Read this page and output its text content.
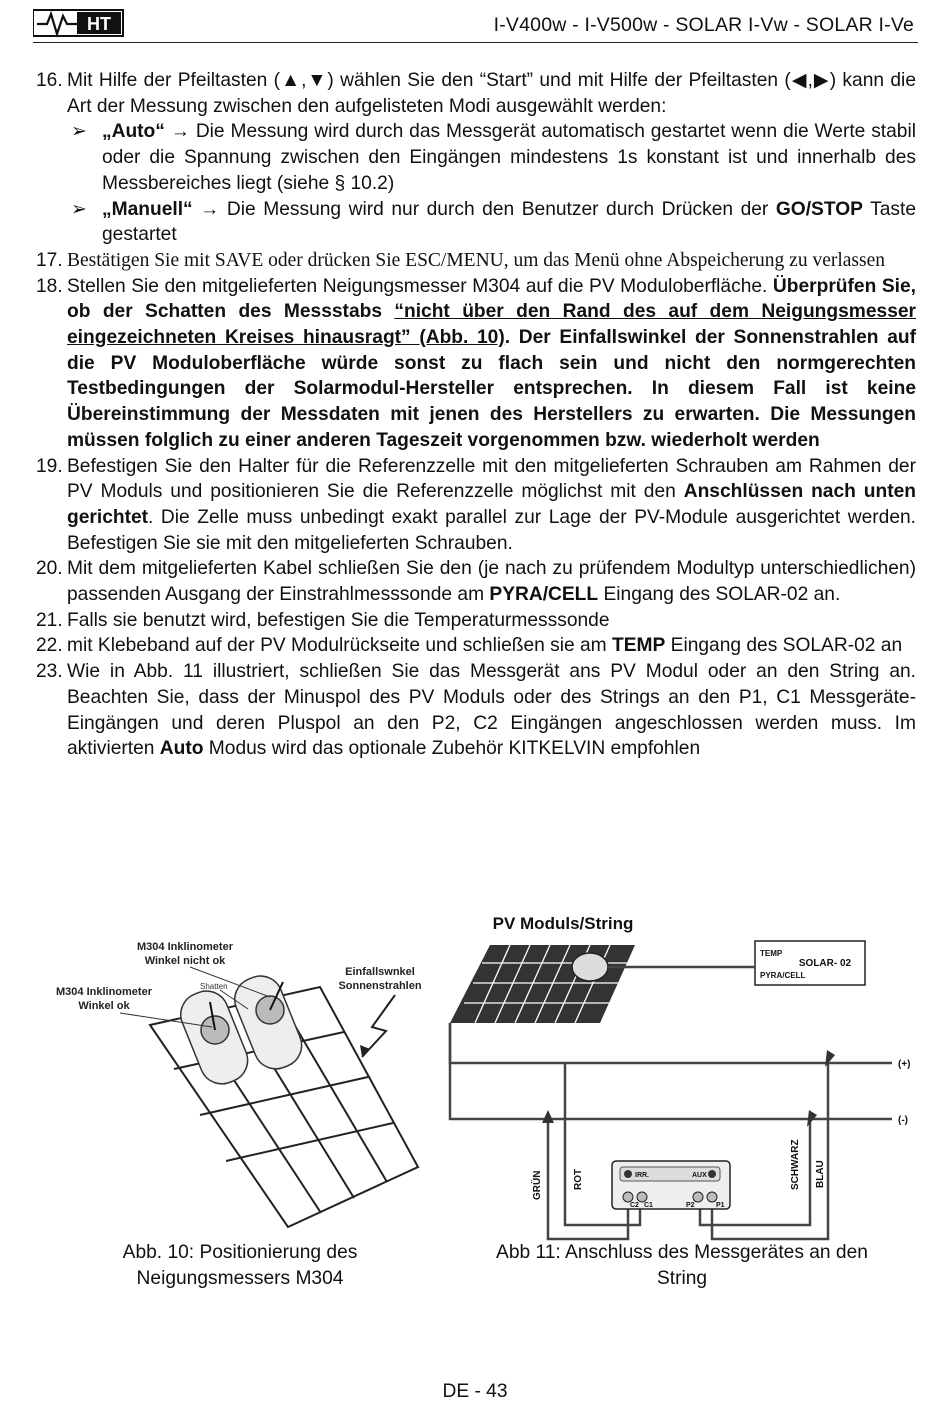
HT	I-V400w - I-V500w - SOLAR I-Vw - SOLAR I-Ve
16. Mit Hilfe der Pfeiltasten (▲,▼) wählen Sie den “Start” und mit Hilfe der Pfeiltasten (◀,▶) kann die Art der Messung zwischen den aufgelisteten Modi ausgewählt werden:
➢ „Auto“ → Die Messung wird durch das Messgerät automatisch gestartet wenn die Werte stabil oder die Spannung zwischen den Eingängen mindestens 1s konstant ist und innerhalb des Messbereiches liegt (siehe § 10.2)
➢ „Manuell“ → Die Messung wird nur durch den Benutzer durch Drücken der GO/STOP Taste gestartet
17. Bestätigen Sie mit SAVE oder drücken Sie ESC/MENU, um das Menü ohne Abspeicherung zu verlassen
18. Stellen Sie den mitgelieferten Neigungsmesser M304 auf die PV Moduloberfläche. Überprüfen Sie, ob der Schatten des Messstabs “nicht über den Rand des auf dem Neigungsmesser eingezeichneten Kreises hinausragt” (Abb. 10). Der Einfallswinkel der Sonnenstrahlen auf die PV Moduloberfläche würde sonst zu flach sein und nicht den normgerechten Testbedingungen der Solarmodul-Hersteller entsprechen. In diesem Fall ist keine Übereinstimmung der Messdaten mit jenen des Herstellers zu erwarten. Die Messungen müssen folglich zu einer anderen Tageszeit vorgenommen bzw. wiederholt werden
19. Befestigen Sie den Halter für die Referenzzelle mit den mitgelieferten Schrauben am Rahmen der PV Moduls und positionieren Sie die Referenzzelle möglichst mit den Anschlüssen nach unten gerichtet. Die Zelle muss unbedingt exakt parallel zur Lage der PV-Module ausgerichtet werden. Befestigen Sie sie mit den mitgelieferten Schrauben.
20. Mit dem mitgelieferten Kabel schließen Sie den (je nach zu prüfendem Modultyp unterschiedlichen) passenden Ausgang der Einstrahlmesssonde am PYRA/CELL Eingang des SOLAR-02 an.
21. Falls sie benutzt wird, befestigen Sie die Temperaturmesssonde
22. mit Klebeband auf der PV Modulrückseite und schließen sie am TEMP Eingang des SOLAR-02 an
23. Wie in Abb. 11 illustriert, schließen Sie das Messgerät ans PV Modul oder an den String an. Beachten Sie, dass der Minuspol des PV Moduls oder des Strings an den P1, C1 Messgeräte-Eingängen und deren Pluspol an den P2, C2 Eingängen angeschlossen werden muss. Im aktivierten Auto Modus wird das optionale Zubehör KITKELVIN empfohlen
M304 Inklinometer
Winkel nicht ok
M304 Inklinometer
Winkel ok
Einfallswnkel
Sonnenstrahlen
Shatten
PV Moduls/String
TEMP
SOLAR- 02
PYRA/CELL
(+)
(-)
GRÜN	ROT	SCHWARZ BLAU
IRR.	AUX
C2 C1	P2	P1
Abb. 10: Positionierung des
Neigungsmessers M304
Abb 11: Anschluss des Messgerätes an den
String
DE - 43
